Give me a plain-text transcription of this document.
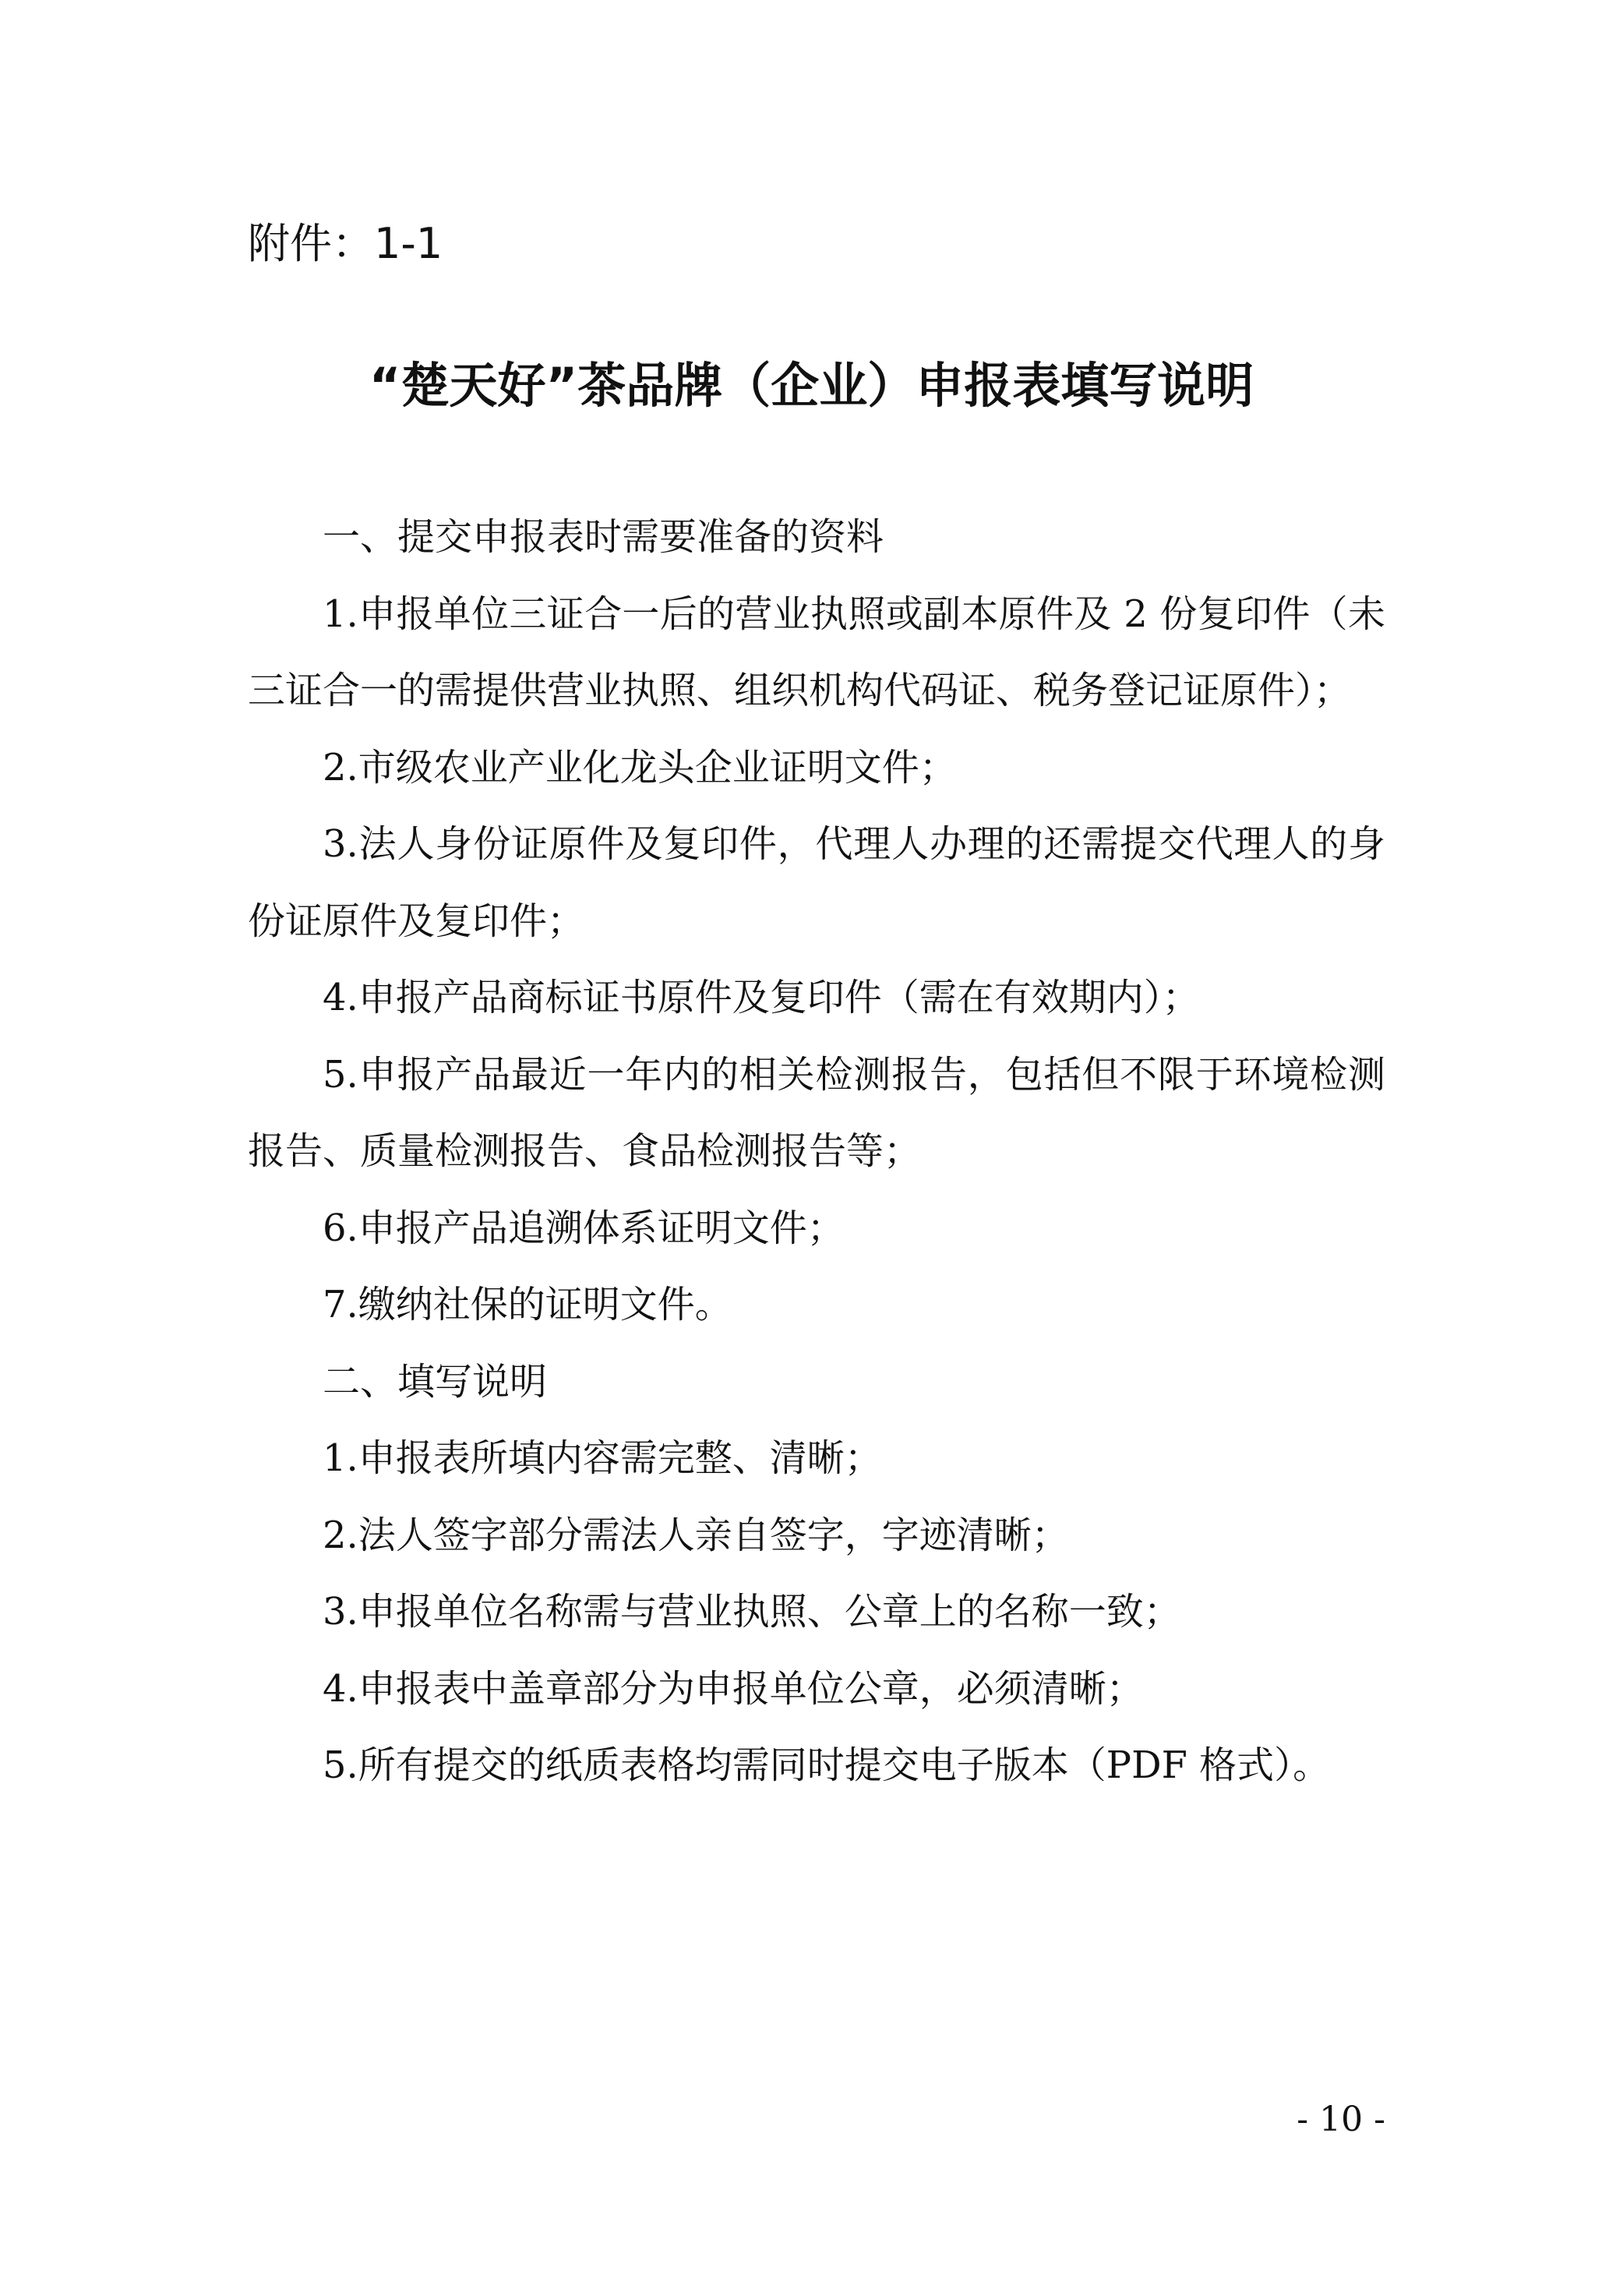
附件：1-1
“楚天好”茶品牌（企业）申报表填写说明

一、提交申报表时需要准备的资料

1.申报单位三证合一后的营业执照或副本原件及 2 份复印件（未三证合一的需提供营业执照、组织机构代码证、税务登记证原件）；

2.市级农业产业化龙头企业证明文件；

3.法人身份证原件及复印件，代理人办理的还需提交代理人的身份证原件及复印件；

4.申报产品商标证书原件及复印件（需在有效期内）；

5.申报产品最近一年内的相关检测报告，包括但不限于环境检测报告、质量检测报告、食品检测报告等；

6.申报产品追溯体系证明文件；

7.缴纳社保的证明文件。

二、填写说明

1.申报表所填内容需完整、清晰；

2.法人签字部分需法人亲自签字，字迹清晰；

3.申报单位名称需与营业执照、公章上的名称一致；

4.申报表中盖章部分为申报单位公章，必须清晰；

5.所有提交的纸质表格均需同时提交电子版本（PDF 格式）。

- 10 -
